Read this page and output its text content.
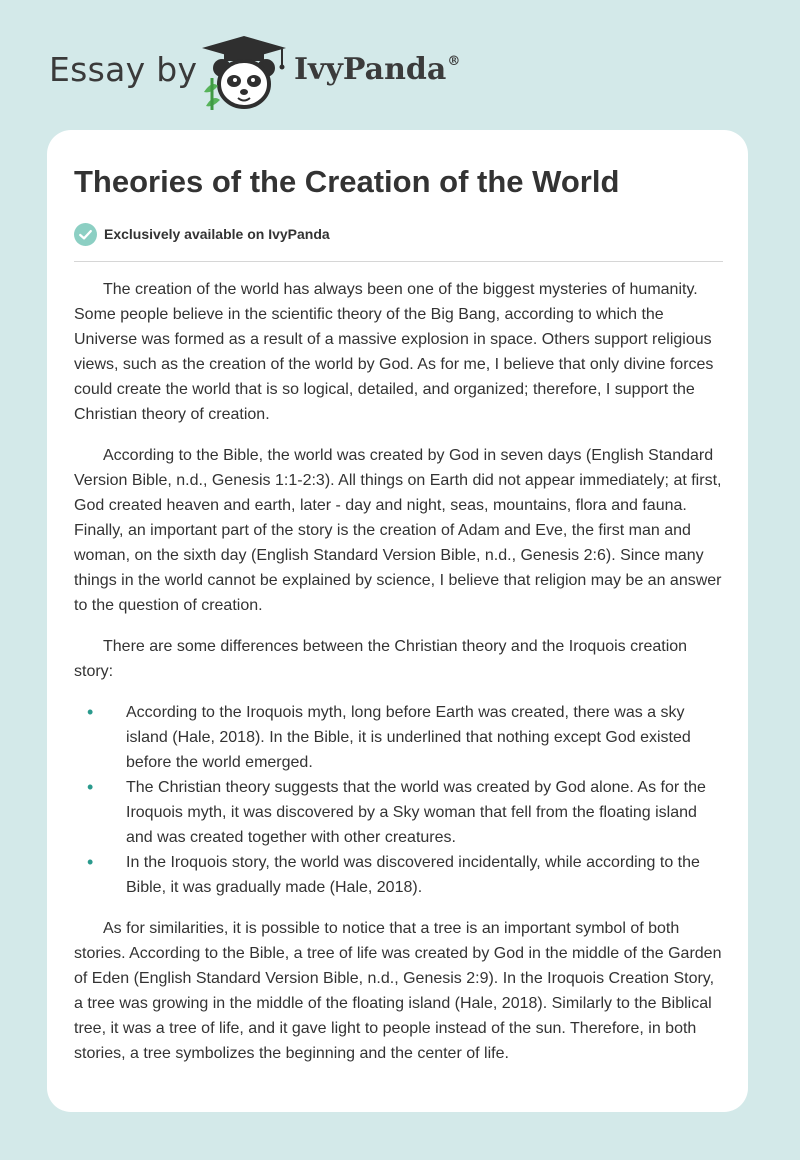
Essay by	IvyPanda®
Theories of the Creation of the World
Exclusively available on IvyPanda

The creation of the world has always been one of the biggest mysteries of humanity. Some people believe in the scientific theory of the Big Bang, according to which the Universe was formed as a result of a massive explosion in space. Others support religious views, such as the creation of the world by God. As for me, I believe that only divine forces could create the world that is so logical, detailed, and organized; therefore, I support the Christian theory of creation.

According to the Bible, the world was created by God in seven days (English Standard Version Bible, n.d., Genesis 1:1-2:3). All things on Earth did not appear immediately; at first, God created heaven and earth, later - day and night, seas, mountains, flora and fauna. Finally, an important part of the story is the creation of Adam and Eve, the first man and woman, on the sixth day (English Standard Version Bible, n.d., Genesis 2:6). Since many things in the world cannot be explained by science, I believe that religion may be an answer to the question of creation.

There are some differences between the Christian theory and the Iroquois creation story:

• According to the Iroquois myth, long before Earth was created, there was a sky island (Hale, 2018). In the Bible, it is underlined that nothing except God existed before the world emerged.
• The Christian theory suggests that the world was created by God alone. As for the Iroquois myth, it was discovered by a Sky woman that fell from the floating island and was created together with other creatures.
• In the Iroquois story, the world was discovered incidentally, while according to the Bible, it was gradually made (Hale, 2018).

As for similarities, it is possible to notice that a tree is an important symbol of both stories. According to the Bible, a tree of life was created by God in the middle of the Garden of Eden (English Standard Version Bible, n.d., Genesis 2:9). In the Iroquois Creation Story, a tree was growing in the middle of the floating island (Hale, 2018). Similarly to the Biblical tree, it was a tree of life, and it gave light to people instead of the sun. Therefore, in both stories, a tree symbolizes the beginning and the center of life.
